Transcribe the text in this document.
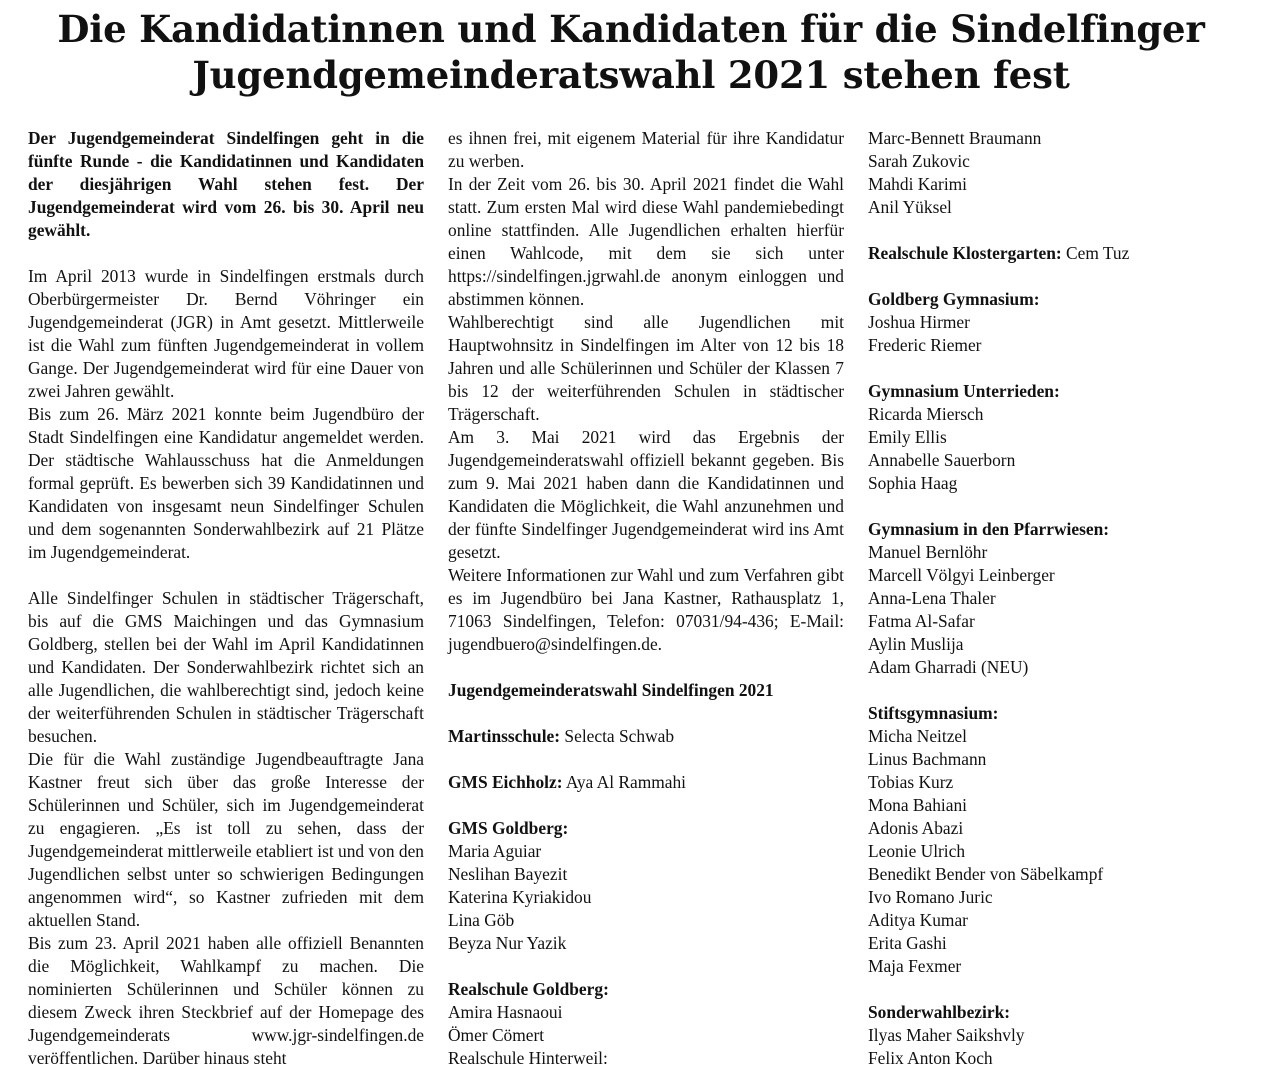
Die Kandidatinnen und Kandidaten für die Sindelfinger
Jugendgemeinderatswahl 2021 stehen fest

Der Jugendgemeinderat Sindelfingen geht in die fünfte Runde - die Kandidatinnen und Kandidaten der diesjährigen Wahl stehen fest. Der Jugendgemeinderat wird vom 26. bis 30. April neu gewählt.

Im April 2013 wurde in Sindelfingen erstmals durch Oberbürgermeister Dr. Bernd Vöhringer ein Jugendgemeinderat (JGR) in Amt gesetzt. Mittlerweile ist die Wahl zum fünften Jugendgemeinderat in vollem Gange. Der Jugendgemeinderat wird für eine Dauer von zwei Jahren gewählt.

Bis zum 26. März 2021 konnte beim Jugendbüro der Stadt Sindelfingen eine Kandidatur angemeldet werden. Der städtische Wahlausschuss hat die Anmeldungen formal geprüft. Es bewerben sich 39 Kandidatinnen und Kandidaten von insgesamt neun Sindelfinger Schulen und dem sogenannten Sonderwahlbezirk auf 21 Plätze im Jugendgemeinderat.

Alle Sindelfinger Schulen in städtischer Trägerschaft, bis auf die GMS Maichingen und das Gymnasium Goldberg, stellen bei der Wahl im April Kandidatinnen und Kandidaten. Der Sonderwahlbezirk richtet sich an alle Jugendlichen, die wahlberechtigt sind, jedoch keine der weiterführenden Schulen in städtischer Trägerschaft besuchen.

Die für die Wahl zuständige Jugendbeauftragte Jana Kastner freut sich über das große Interesse der Schülerinnen und Schüler, sich im Jugendgemeinderat zu engagieren. „Es ist toll zu sehen, dass der Jugendgemeinderat mittlerweile etabliert ist und von den Jugendlichen selbst unter so schwierigen Bedingungen angenommen wird“, so Kastner zufrieden mit dem aktuellen Stand.

Bis zum 23. April 2021 haben alle offiziell Benannten die Möglichkeit, Wahlkampf zu machen. Die nominierten Schülerinnen und Schüler können zu diesem Zweck ihren Steckbrief auf der Homepage des Jugendgemeinderats www.jgr-sindelfingen.de veröffentlichen. Darüber hinaus steht

es ihnen frei, mit eigenem Material für ihre Kandidatur zu werben.

In der Zeit vom 26. bis 30. April 2021 findet die Wahl statt. Zum ersten Mal wird diese Wahl pandemiebedingt online stattfinden. Alle Jugendlichen erhalten hierfür einen Wahlcode, mit dem sie sich unter https://sindelfingen.jgrwahl.de anonym einloggen und abstimmen können.

Wahlberechtigt sind alle Jugendlichen mit Hauptwohnsitz in Sindelfingen im Alter von 12 bis 18 Jahren und alle Schülerinnen und Schüler der Klassen 7 bis 12 der weiterführenden Schulen in städtischer Trägerschaft.

Am 3. Mai 2021 wird das Ergebnis der Jugendgemeinderatswahl offiziell bekannt gegeben. Bis zum 9. Mai 2021 haben dann die Kandidatinnen und Kandidaten die Möglichkeit, die Wahl anzunehmen und der fünfte Sindelfinger Jugendgemeinderat wird ins Amt gesetzt.

Weitere Informationen zur Wahl und zum Verfahren gibt es im Jugendbüro bei Jana Kastner, Rathausplatz 1, 71063 Sindelfingen, Telefon: 07031/94-436; E-Mail: jugendbuero@sindelfingen.de.

Jugendgemeinderatswahl Sindelfingen 2021

Martinsschule: Selecta Schwab

GMS Eichholz: Aya Al Rammahi

GMS Goldberg:

Maria Aguiar
Neslihan Bayezit
Katerina Kyriakidou
Lina Göb
Beyza Nur Yazik

Realschule Goldberg:

Amira Hasnaoui
Ömer Cömert
Realschule Hinterweil:
Marc-Bennett Braumann
Sarah Zukovic
Mahdi Karimi
Anil Yüksel

Realschule Klostergarten: Cem Tuz

Goldberg Gymnasium:

Joshua Hirmer
Frederic Riemer

Gymnasium Unterrieden:

Ricarda Miersch
Emily Ellis
Annabelle Sauerborn
Sophia Haag

Gymnasium in den Pfarrwiesen:

Manuel Bernlöhr
Marcell Völgyi Leinberger
Anna-Lena Thaler
Fatma Al-Safar
Aylin Muslija
Adam Gharradi (NEU)

Stiftsgymnasium:

Micha Neitzel
Linus Bachmann
Tobias Kurz
Mona Bahiani
Adonis Abazi
Leonie Ulrich
Benedikt Bender von Säbelkampf
Ivo Romano Juric
Aditya Kumar
Erita Gashi
Maja Fexmer

Sonderwahlbezirk:

Ilyas Maher Saikshvly
Felix Anton Koch
